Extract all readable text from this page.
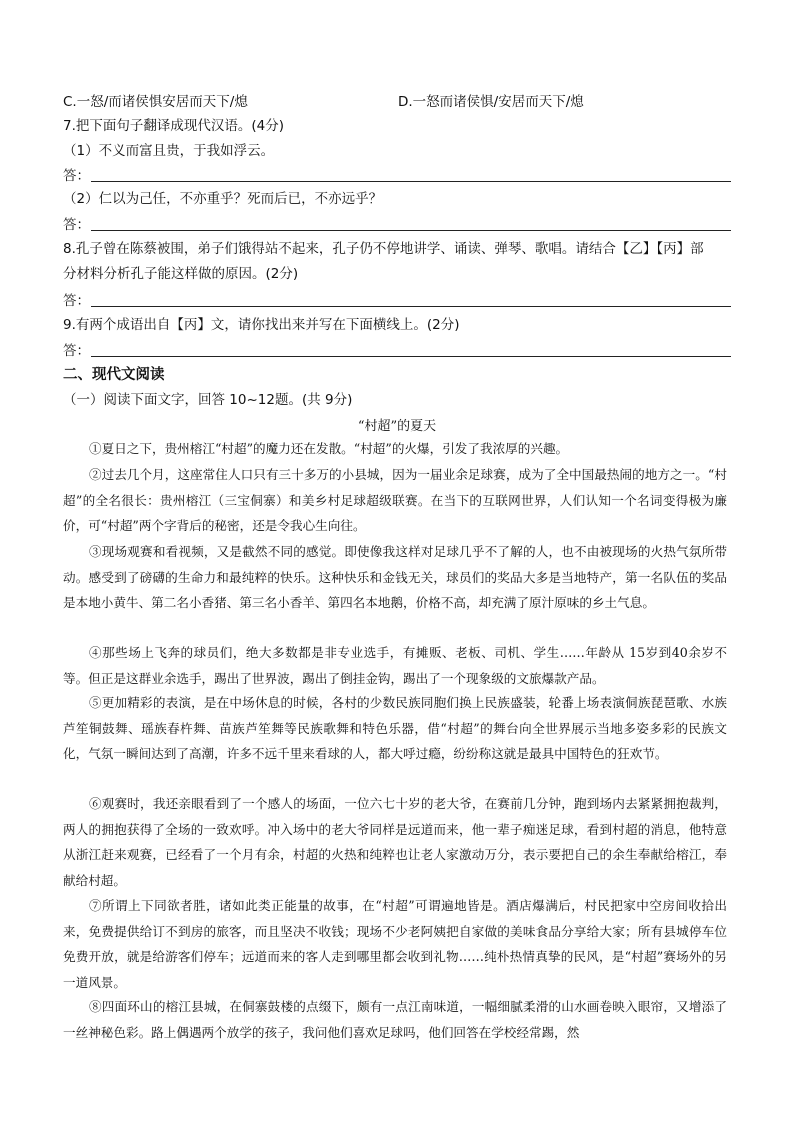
C.一怒/而诸侯惧安居而天下/熄	D.一怒而诸侯惧/安居而天下/熄
7.把下面句子翻译成现代汉语。(4分)
（1）不义而富且贵，于我如浮云。
答：
（2）仁以为己任，不亦重乎？死而后已，不亦远乎？
答：
8.孔子曾在陈蔡被围，弟子们饿得站不起来，孔子仍不停地讲学、诵读、弹琴、歌唱。请结合【乙】【丙】部
分材料分析孔子能这样做的原因。(2分)
答：
9.有两个成语出自【丙】文，请你找出来并写在下面横线上。(2分)
答：
二、现代文阅读
（一）阅读下面文字，回答 10~12题。(共 9分)
“村超”的夏天
①夏日之下，贵州榕江“村超”的魔力还在发散。“村超”的火爆，引发了我浓厚的兴趣。
②过去几个月，这座常住人口只有三十多万的小县城，因为一届业余足球赛，成为了全中国最热闹的地方之一。“村超”的全名很长：贵州榕江（三宝侗寨）和美乡村足球超级联赛。在当下的互联网世界，人们认知一个名词变得极为廉价，可“村超”两个字背后的秘密，还是令我心生向往。
③现场观赛和看视频，又是截然不同的感觉。即使像我这样对足球几乎不了解的人，也不由被现场的火热气氛所带动。感受到了磅礴的生命力和最纯粹的快乐。这种快乐和金钱无关，球员们的奖品大多是当地特产，第一名队伍的奖品是本地小黄牛、第二名小香猪、第三名小香羊、第四名本地鹅，价格不高，却充满了原汁原味的乡土气息。
④那些场上飞奔的球员们，绝大多数都是非专业选手，有摊贩、老板、司机、学生……年龄从 15岁到40余岁不等。但正是这群业余选手，踢出了世界波，踢出了倒挂金钩，踢出了一个现象级的文旅爆款产品。
⑤更加精彩的表演，是在中场休息的时候，各村的少数民族同胞们换上民族盛装，轮番上场表演侗族琵琶歌、水族芦笙铜鼓舞、瑶族春杵舞、苗族芦笙舞等民族歌舞和特色乐器，借“村超”的舞台向全世界展示当地多姿多彩的民族文化，气氛一瞬间达到了高潮，许多不远千里来看球的人，都大呼过瘾，纷纷称这就是最具中国特色的狂欢节。
⑥观赛时，我还亲眼看到了一个感人的场面，一位六七十岁的老大爷，在赛前几分钟，跑到场内去紧紧拥抱裁判，两人的拥抱获得了全场的一致欢呼。冲入场中的老大爷同样是远道而来，他一辈子痴迷足球，看到村超的消息，他特意从浙江赶来观赛，已经看了一个月有余，村超的火热和纯粹也让老人家激动万分，表示要把自己的余生奉献给榕江，奉献给村超。
⑦所谓上下同欲者胜，诸如此类正能量的故事，在“村超”可谓遍地皆是。酒店爆满后，村民把家中空房间收拾出来，免费提供给订不到房的旅客，而且坚决不收钱；现场不少老阿姨把自家做的美味食品分享给大家；所有县城停车位免费开放，就是给游客们停车；远道而来的客人走到哪里都会收到礼物……纯朴热情真挚的民风，是“村超”赛场外的另一道风景。
⑧四面环山的榕江县城，在侗寨鼓楼的点缀下，颇有一点江南味道，一幅细腻柔滑的山水画卷映入眼帘，又增添了一丝神秘色彩。路上偶遇两个放学的孩子，我问他们喜欢足球吗，他们回答在学校经常踢，然
